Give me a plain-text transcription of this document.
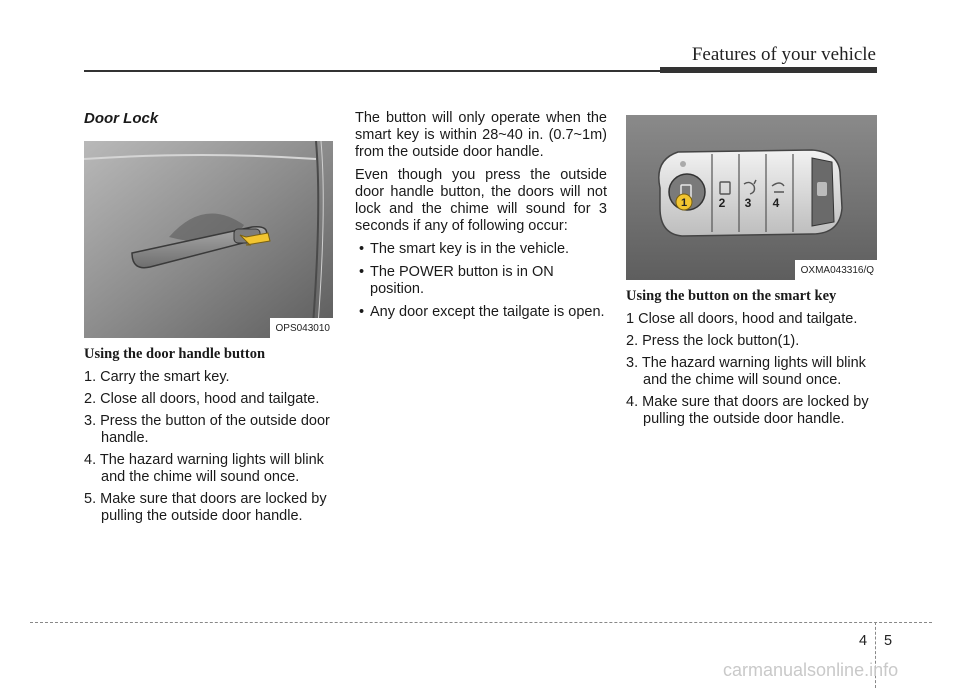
Features of your vehicle
Door Lock
OPS043010
Using the door handle button
1. Carry the smart key.
2. Close all doors, hood and tailgate.
3. Press the button of the outside door handle.
4. The hazard warning lights will blink and the chime will sound once.
5. Make sure that doors are locked by pulling the outside door handle.

The button will only operate when the smart key is within 28~40 in. (0.7~1m) from the outside door handle.

Even though you press the outside door handle button, the doors will not lock and the chime will sound for 3 seconds if any of following occur:

• The smart key is in the vehicle.
• The POWER button is in ON position.
• Any door except the tailgate is open.
1	2 3 4
OXMA043316/Q
Using the button on the smart key
1 Close all doors, hood and tailgate.
2. Press the lock button(1).
3. The hazard warning lights will blink and the chime will sound once.
4. Make sure that doors are locked by pulling the outside door handle.
4 5
carmanualsonline.info
